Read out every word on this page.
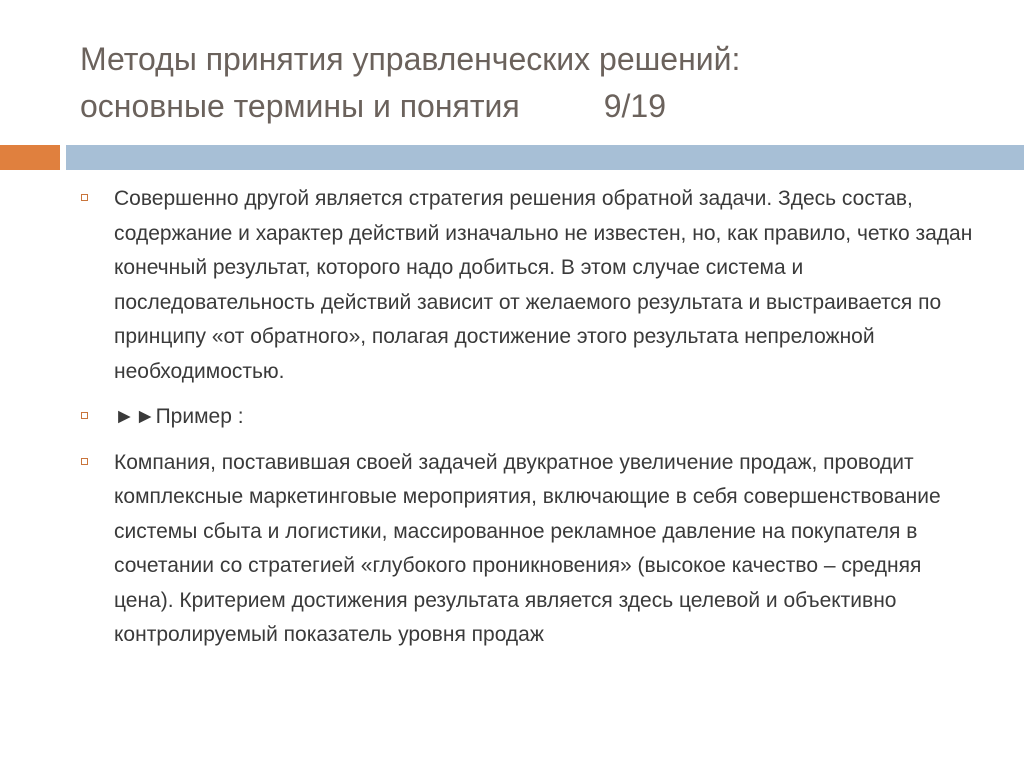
Методы принятия управленческих решений:
основные термины и понятия	9/19
Совершенно другой является стратегия решения обратной задачи. Здесь состав, содержание и характер действий изначально не известен, но, как правило, четко задан конечный результат, которого надо добиться. В этом случае система и последовательность действий зависит от желаемого результата и выстраивается по принципу «от обратного», полагая достижение этого результата непреложной необходимостью.
►►Пример :
Компания, поставившая своей задачей двукратное увеличение продаж, проводит комплексные маркетинговые мероприятия, включающие в себя совершенствование системы сбыта и логистики, массированное рекламное давление на покупателя в сочетании со стратегией «глубокого проникновения» (высокое качество – средняя цена). Критерием достижения результата является здесь целевой и объективно контролируемый показатель уровня продаж
